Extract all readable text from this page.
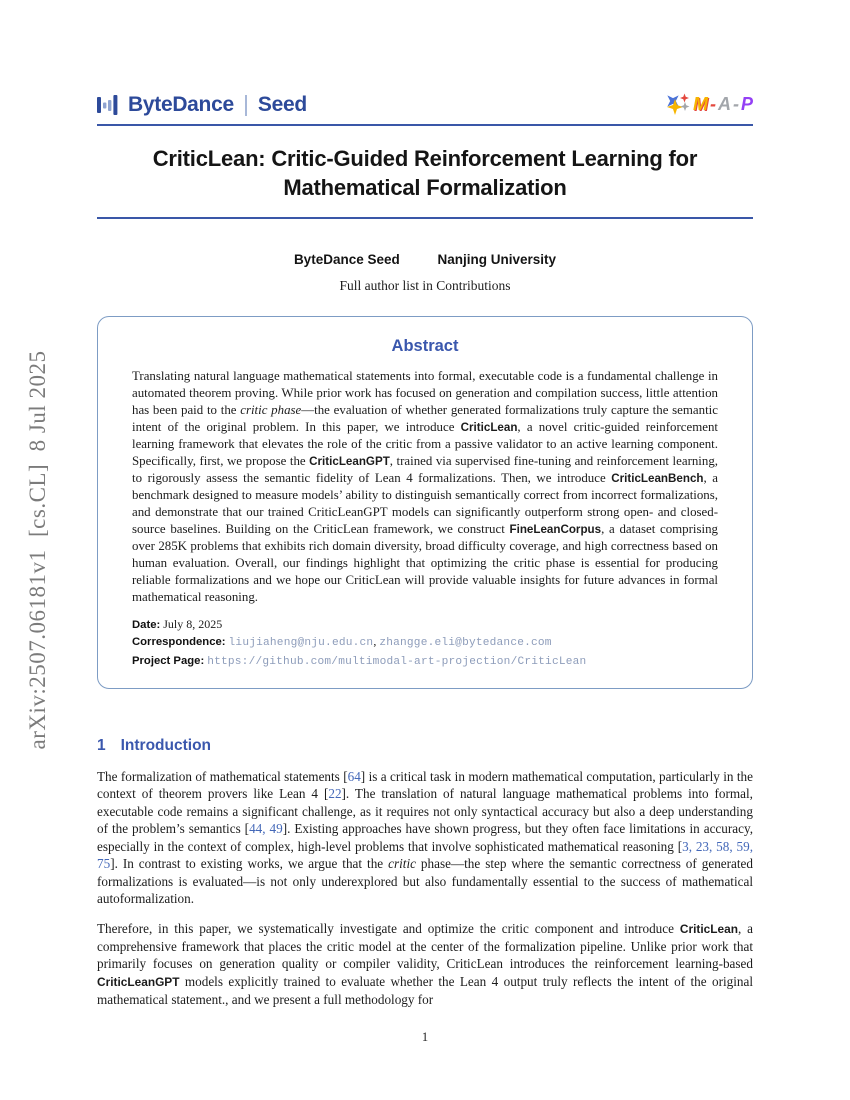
arXiv:2507.06181v1  [cs.CL]  8 Jul 2025
ByteDance Seed	M - A - P
CriticLean: Critic-Guided Reinforcement Learning for Mathematical Formalization
ByteDance Seed	Nanjing University
Full author list in Contributions
Abstract
Translating natural language mathematical statements into formal, executable code is a fundamental challenge in automated theorem proving. While prior work has focused on generation and compilation success, little attention has been paid to the critic phase—the evaluation of whether generated formalizations truly capture the semantic intent of the original problem. In this paper, we introduce CriticLean, a novel critic-guided reinforcement learning framework that elevates the role of the critic from a passive validator to an active learning component. Specifically, first, we propose the CriticLeanGPT, trained via supervised fine-tuning and reinforcement learning, to rigorously assess the semantic fidelity of Lean 4 formalizations. Then, we introduce CriticLeanBench, a benchmark designed to measure models’ ability to distinguish semantically correct from incorrect formalizations, and demonstrate that our trained CriticLeanGPT models can significantly outperform strong open- and closed-source baselines. Building on the CriticLean framework, we construct FineLeanCorpus, a dataset comprising over 285K problems that exhibits rich domain diversity, broad difficulty coverage, and high correctness based on human evaluation. Overall, our findings highlight that optimizing the critic phase is essential for producing reliable formalizations and we hope our CriticLean will provide valuable insights for future advances in formal mathematical reasoning.
Date: July 8, 2025
Correspondence: liujiaheng@nju.edu.cn, zhangge.eli@bytedance.com
Project Page: https://github.com/multimodal-art-projection/CriticLean
1 Introduction
The formalization of mathematical statements [64] is a critical task in modern mathematical computation, particularly in the context of theorem provers like Lean 4 [22]. The translation of natural language mathematical problems into formal, executable code remains a significant challenge, as it requires not only syntactical accuracy but also a deep understanding of the problem’s semantics [44, 49]. Existing approaches have shown progress, but they often face limitations in accuracy, especially in the context of complex, high-level problems that involve sophisticated mathematical reasoning [3, 23, 58, 59, 75]. In contrast to existing works, we argue that the critic phase—the step where the semantic correctness of generated formalizations is evaluated—is not only underexplored but also fundamentally essential to the success of mathematical autoformalization.
Therefore, in this paper, we systematically investigate and optimize the critic component and introduce CriticLean, a comprehensive framework that places the critic model at the center of the formalization pipeline. Unlike prior work that primarily focuses on generation quality or compiler validity, CriticLean introduces the reinforcement learning-based CriticLeanGPT models explicitly trained to evaluate whether the Lean 4 output truly reflects the intent of the original mathematical statement., and we present a full methodology for
1
